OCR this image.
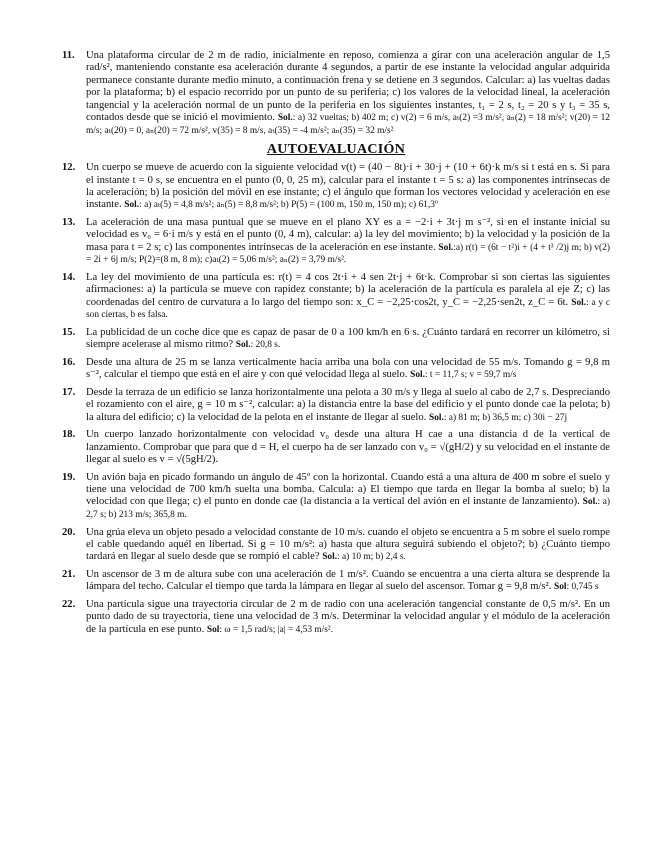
11. Una plataforma circular de 2 m de radio, inicialmente en reposo, comienza a girar con una aceleración angular de 1,5 rad/s², manteniendo constante esa aceleración durante 4 segundos, a partir de ese instante la velocidad angular adquirida permanece constante durante medio minuto, a continuación frena y se detiene en 3 segundos. Calcular: a) las vueltas dadas por la plataforma; b) el espacio recorrido por un punto de su periferia; c) los valores de la velocidad lineal, la aceleración tangencial y la aceleración normal de un punto de la periferia en los siguientes instantes, t₁ = 2 s, t₂ = 20 s y t₃ = 35 s, contados desde que se inició el movimiento. Sol.: a) 32 vueltas; b) 402 m; c) v(2) = 6 m/s, aₜ(2) =3 m/s², aₙ(2) = 18 m/s²; v(20) = 12 m/s; aₜ(20) = 0, aₙ(20) = 72 m/s², v(35) = 8 m/s, aₜ(35) = -4 m/s²; aₙ(35) = 32 m/s²
AUTOEVALUACIÓN
12. Un cuerpo se mueve de acuerdo con la siguiente velocidad v(t) = (40 − 8t)·i + 30·j + (10 + 6t)·k m/s si t está en s. Si para el instante t = 0 s, se encuentra en el punto (0, 0, 25 m), calcular para el instante t = 5 s: a) las componentes intrínsecas de la aceleración; b) la posición del móvil en ese instante; c) el ángulo que forman los vectores velocidad y aceleración en ese instante. Sol.: a) aₜ(5) = 4,8 m/s²; aₙ(5) = 8,8 m/s²; b) P(5) = (100 m, 150 m, 150 m); c) 61,3º
13. La aceleración de una masa puntual que se mueve en el plano XY es a = −2·i + 3t·j m s⁻², si en el instante inicial su velocidad es v₀ = 6·i m/s y está en el punto (0, 4 m), calcular: a) la ley del movimiento; b) la velocidad y la posición de la masa para t = 2 s; c) las componentes intrínsecas de la aceleración en ese instante. Sol.:a) r(t) = (6t − t²)i + (4 + t³ /2)j m; b) v(2) = 2i + 6j m/s; P(2)=(8 m, 8 m); c)aₜ(2) = 5,06 m/s²; aₙ(2) = 3,79 m/s².
14. La ley del movimiento de una partícula es: r(t) = 4 cos 2t·i + 4 sen 2t·j + 6t·k. Comprobar si son ciertas las siguientes afirmaciones: a) la partícula se mueve con rapidez constante; b) la aceleración de la partícula es paralela al eje Z; c) las coordenadas del centro de curvatura a lo largo del tiempo son: x_C = −2,25·cos2t, y_C = −2,25·sen2t, z_C = 6t. Sol.: a y c son ciertas, b es falsa.
15. La publicidad de un coche dice que es capaz de pasar de 0 a 100 km/h en 6 s. ¿Cuánto tardará en recorrer un kilómetro, si siempre acelerase al mismo ritmo? Sol.: 20,8 s.
16. Desde una altura de 25 m se lanza verticalmente hacia arriba una bola con una velocidad de 55 m/s. Tomando g = 9,8 m s⁻², calcular el tiempo que está en el aire y con qué velocidad llega al suelo. Sol.: t = 11,7 s; v = 59,7 m/s
17. Desde la terraza de un edificio se lanza horizontalmente una pelota a 30 m/s y llega al suelo al cabo de 2,7 s. Despreciando el rozamiento con el aire, g = 10 m s⁻², calcular: a) la distancia entre la base del edificio y el punto donde cae la pelota; b) la altura del edificio; c) la velocidad de la pelota en el instante de llegar al suelo. Sol.: a) 81 m; b) 36,5 m; c) 30i − 27j
18. Un cuerpo lanzado horizontalmente con velocidad v₀ desde una altura H cae a una distancia d de la vertical de lanzamiento. Comprobar que para que d = H, el cuerpo ha de ser lanzado con v₀ = √(gH/2) y su velocidad en el instante de llegar al suelo es v = √(5gH/2).
19. Un avión baja en picado formando un ángulo de 45º con la horizontal. Cuando está a una altura de 400 m sobre el suelo y tiene una velocidad de 700 km/h suelta una bomba. Calcula: a) El tiempo que tarda en llegar la bomba al suelo; b) la velocidad con que llega; c) el punto en donde cae (la distancia a la vertical del avión en el instante de lanzamiento). Sol.: a) 2,7 s; b) 213 m/s; 365,8 m.
20. Una grúa eleva un objeto pesado a velocidad constante de 10 m/s. cuando el objeto se encuentra a 5 m sobre el suelo rompe el cable quedando aquél en libertad. Si g = 10 m/s²: a) hasta que altura seguirá subiendo el objeto?; b) ¿Cuánto tiempo tardará en llegar al suelo desde que se rompió el cable? Sol.: a) 10 m; b) 2,4 s.
21. Un ascensor de 3 m de altura sube con una aceleración de 1 m/s². Cuando se encuentra a una cierta altura se desprende la lámpara del techo. Calcular el tiempo que tarda la lámpara en llegar al suelo del ascensor. Tomar g = 9,8 m/s². Sol: 0,745 s
22. Una partícula sigue una trayectoria circular de 2 m de radio con una aceleración tangencial constante de 0,5 m/s². En un punto dado de su trayectoria, tiene una velocidad de 3 m/s. Determinar la velocidad angular y el módulo de la aceleración de la partícula en ese punto. Sol: ω = 1,5 rad/s; |a| = 4,53 m/s².
